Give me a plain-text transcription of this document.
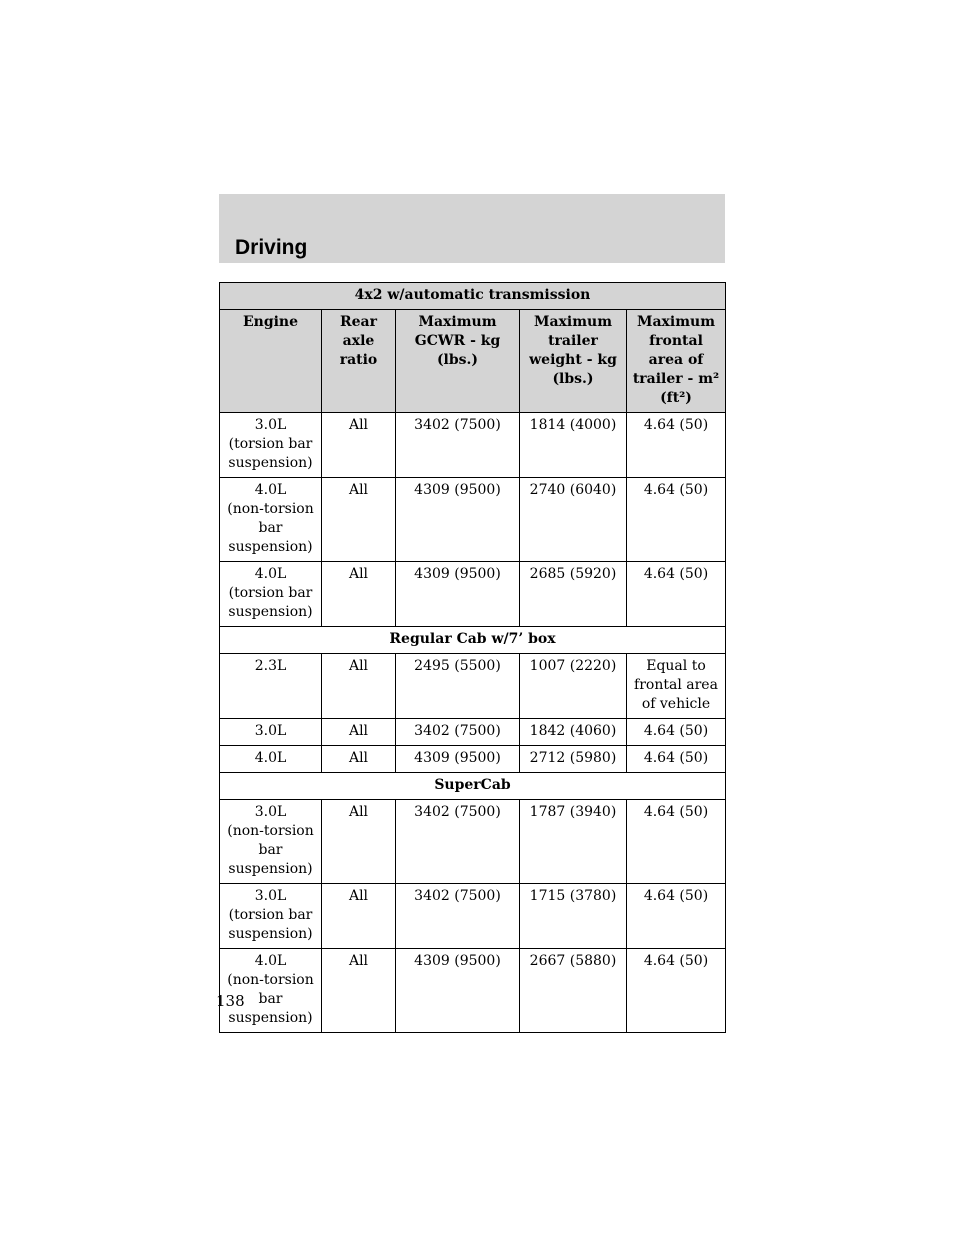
Driving
4x2 w/automatic transmission				

Engine	Rear
axle
ratio	Maximum
GCWR - kg
(lbs.)	Maximum
trailer
weight - kg
(lbs.)	Maximum
frontal
area of
trailer - m²
(ft²)

3.0L
(torsion bar
suspension)	All	3402 (7500)	1814 (4000)	4.64 (50)

4.0L
(non-torsion
bar
suspension)	All	4309 (9500)	2740 (6040)	4.64 (50)

4.0L
(torsion bar
suspension)	All	4309 (9500)	2685 (5920)	4.64 (50)

Regular Cab w/7’ box				

2.3L	All	2495 (5500)	1007 (2220)	Equal to
frontal area
of vehicle

3.0L	All	3402 (7500)	1842 (4060)	4.64 (50)

4.0L	All	4309 (9500)	2712 (5980)	4.64 (50)

SuperCab				

3.0L
(non-torsion
bar
suspension)	All	3402 (7500)	1787 (3940)	4.64 (50)

3.0L
(torsion bar
suspension)	All	3402 (7500)	1715 (3780)	4.64 (50)

4.0L
(non-torsion
bar
suspension)	All	4309 (9500)	2667 (5880)	4.64 (50)
138
